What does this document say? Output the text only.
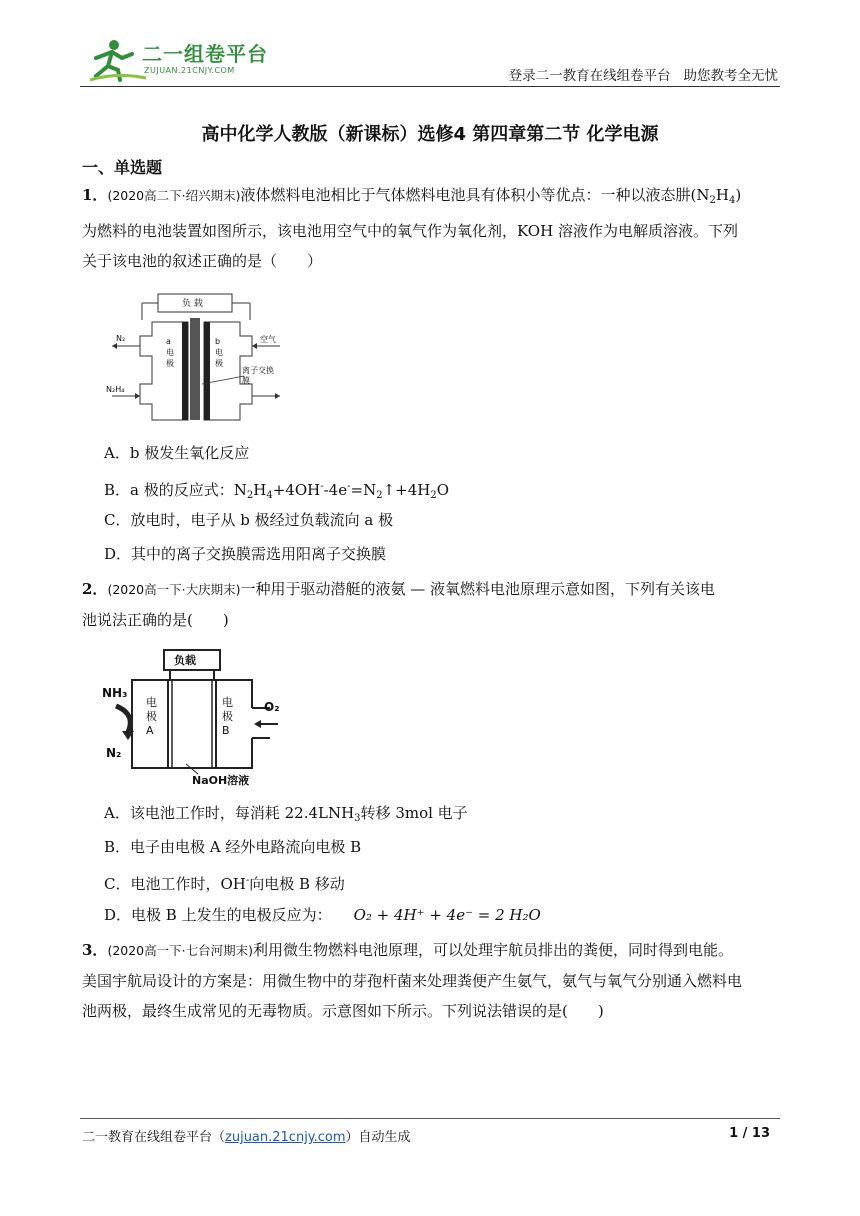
二一组卷平台
ZUJUAN.21CNJY.COM	登录二一教育在线组卷平台   助您教考全无忧
高中化学人教版（新课标）选修4 第四章第二节 化学电源
一、单选题
1．(2020高二下·绍兴期末)液体燃料电池相比于气体燃料电池具有体积小等优点：一种以液态肼$(N_2H_4)$
为燃料的电池装置如图所示，该电池用空气中的氧气作为氧化剂，KOH 溶液作为电解质溶液。下列
关于该电池的叙述正确的是（　　）
负 载
N₂
N₂H₄
空气
a电极
b电极
离子交换膜
A．b 极发生氧化反应
B．a 极的反应式：$N_2H_4+4OH^--4e^-=N_2↑+4H_2O$
C．放电时，电子从 b 极经过负载流向 a 极
D．其中的离子交换膜需选用阳离子交换膜
2．(2020高一下·大庆期末)一种用于驱动潜艇的液氨 — 液氧燃料电池原理示意如图，下列有关该电
池说法正确的是(　　)
负载
NH₃
N₂
电极A
电极B
O₂
NaOH溶液
A．该电池工作时，每消耗 $22.4LNH_3$转移 3mol 电子
B．电子由电极 A 经外电路流向电极 B
C．电池工作时，OH-向电极 B 移动
D．电极 B 上发生的电极反应为： O₂ + 4H⁺ + 4e⁻ = 2 H₂O
3．(2020高一下·七台河期末)利用微生物燃料电池原理，可以处理宇航员排出的粪便，同时得到电能。
美国宇航局设计的方案是：用微生物中的芽孢杆菌来处理粪便产生氨气，氨气与氧气分别通入燃料电
池两极，最终生成常见的无毒物质。示意图如下所示。下列说法错误的是(　　)
二一教育在线组卷平台（zujuan.21cnjy.com）自动生成	1 / 13
